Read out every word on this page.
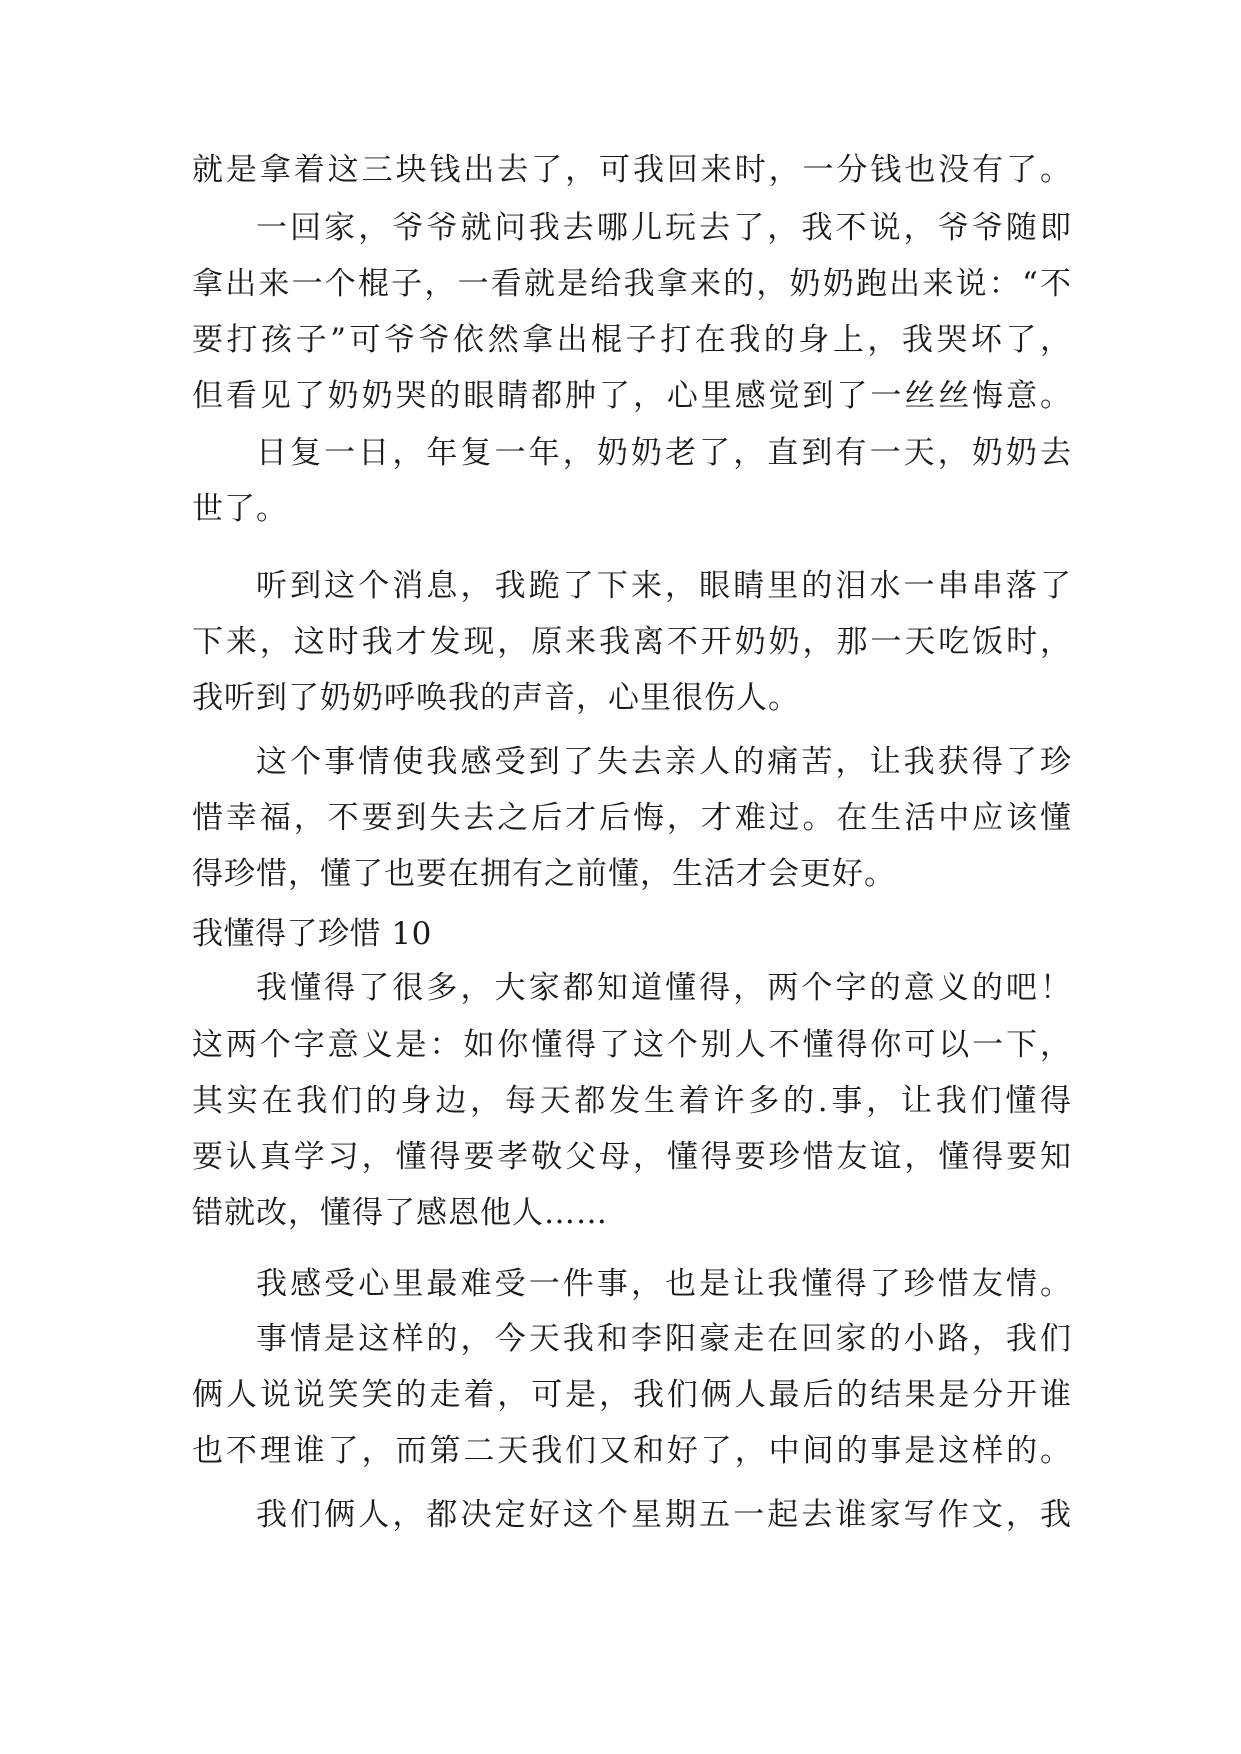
就是拿着这三块钱出去了，可我回来时，一分钱也没有了。
一回家，爷爷就问我去哪儿玩去了，我不说，爷爷随即
拿出来一个棍子，一看就是给我拿来的，奶奶跑出来说：“不
要打孩子”可爷爷依然拿出棍子打在我的身上，我哭坏了，
但看见了奶奶哭的眼睛都肿了，心里感觉到了一丝丝悔意。
日复一日，年复一年，奶奶老了，直到有一天，奶奶去
世了。
听到这个消息，我跪了下来，眼睛里的泪水一串串落了
下来，这时我才发现，原来我离不开奶奶，那一天吃饭时，
我听到了奶奶呼唤我的声音，心里很伤人。
这个事情使我感受到了失去亲人的痛苦，让我获得了珍
惜幸福，不要到失去之后才后悔，才难过。在生活中应该懂
得珍惜，懂了也要在拥有之前懂，生活才会更好。
我懂得了珍惜 10
我懂得了很多，大家都知道懂得，两个字的意义的吧！
这两个字意义是：如你懂得了这个别人不懂得你可以一下，
其实在我们的身边，每天都发生着许多的.事，让我们懂得
要认真学习，懂得要孝敬父母，懂得要珍惜友谊，懂得要知
错就改，懂得了感恩他人……
我感受心里最难受一件事，也是让我懂得了珍惜友情。
事情是这样的，今天我和李阳豪走在回家的小路，我们
俩人说说笑笑的走着，可是，我们俩人最后的结果是分开谁
也不理谁了，而第二天我们又和好了，中间的事是这样的。
我们俩人，都决定好这个星期五一起去谁家写作文，我
